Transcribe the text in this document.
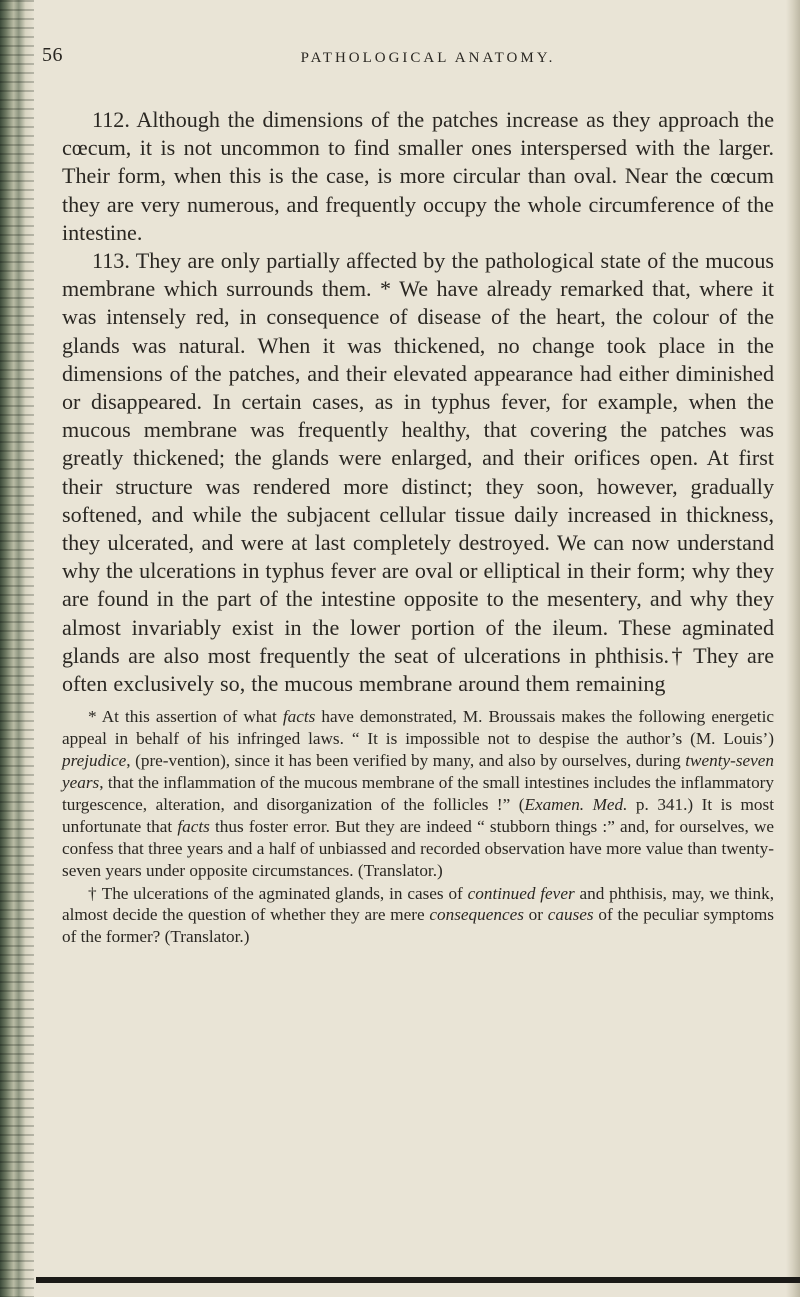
56	PATHOLOGICAL ANATOMY.

112. Although the dimensions of the patches increase as they approach the cœcum, it is not uncommon to find smaller ones interspersed with the larger. Their form, when this is the case, is more circular than oval. Near the cœcum they are very numerous, and frequently occupy the whole circumference of the intestine.

113. They are only partially affected by the pathological state of the mucous membrane which surrounds them. * We have already remarked that, where it was intensely red, in consequence of disease of the heart, the colour of the glands was natural. When it was thickened, no change took place in the dimensions of the patches, and their elevated appearance had either diminished or disappeared. In certain cases, as in typhus fever, for example, when the mucous membrane was frequently healthy, that covering the patches was greatly thickened; the glands were enlarged, and their orifices open. At first their structure was rendered more distinct; they soon, however, gradually softened, and while the subjacent cellular tissue daily increased in thickness, they ulcerated, and were at last completely destroyed. We can now understand why the ulcerations in typhus fever are oval or elliptical in their form; why they are found in the part of the intestine opposite to the mesentery, and why they almost invariably exist in the lower portion of the ileum. These agminated glands are also most frequently the seat of ulcerations in phthisis.† They are often exclusively so, the mucous membrane around them remaining

* At this assertion of what facts have demonstrated, M. Broussais makes the following energetic appeal in behalf of his infringed laws. “ It is impossible not to despise the author’s (M. Louis’) prejudice, (pre-vention), since it has been verified by many, and also by ourselves, during twenty-seven years, that the inflammation of the mucous membrane of the small intestines includes the inflammatory turgescence, alteration, and disorganization of the follicles !” (Examen. Med. p. 341.) It is most unfortunate that facts thus foster error. But they are indeed “ stubborn things :” and, for ourselves, we confess that three years and a half of unbiassed and recorded observation have more value than twenty-seven years under opposite circumstances. (Translator.)

† The ulcerations of the agminated glands, in cases of continued fever and phthisis, may, we think, almost decide the question of whether they are mere consequences or causes of the peculiar symptoms of the former? (Translator.)
